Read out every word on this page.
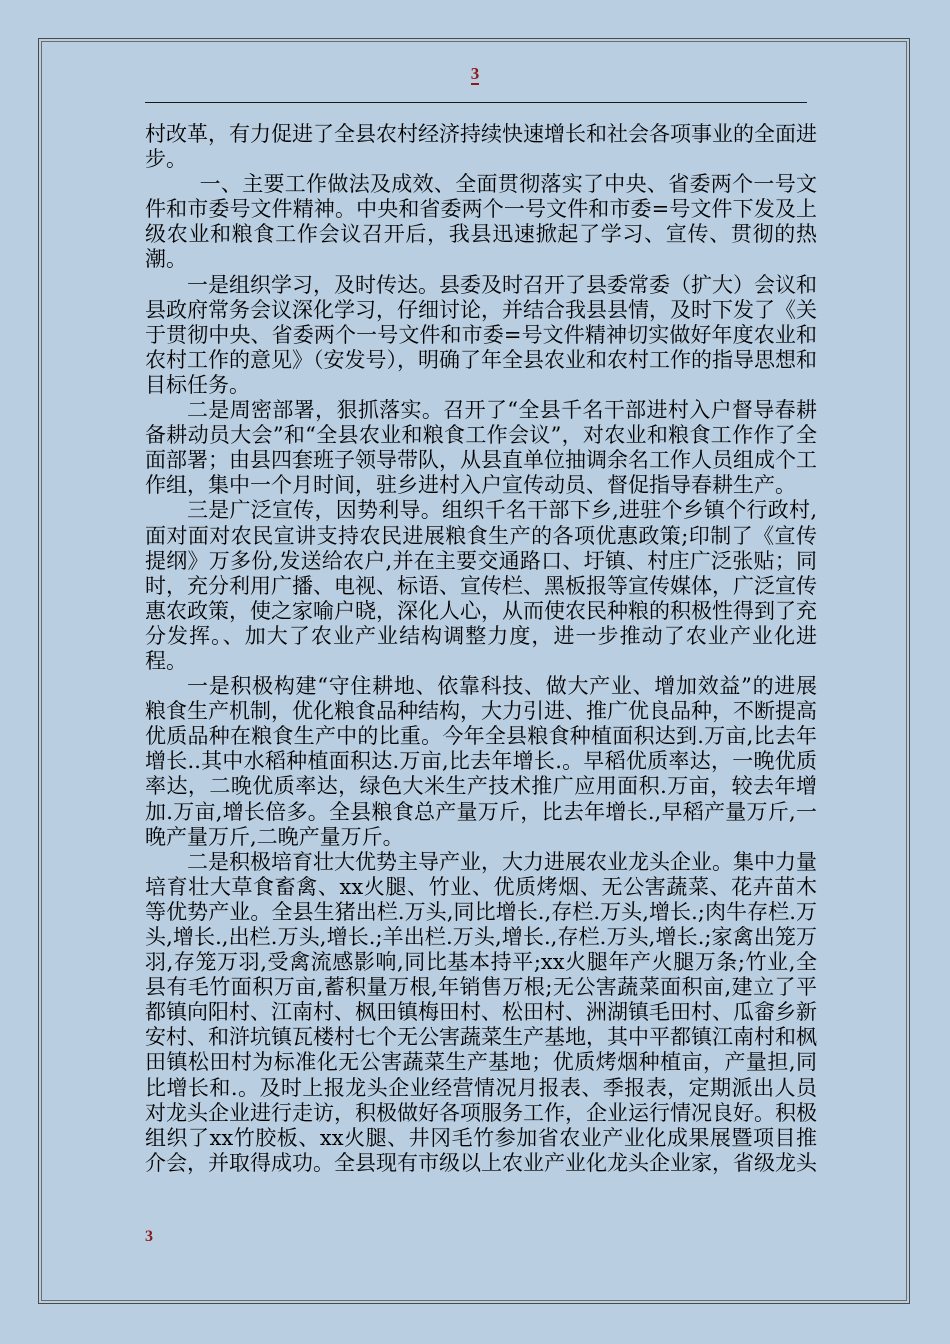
3

村改革，有力促进了全县农村经济持续快速增长和社会各项事业的全面进步。

一、主要工作做法及成效、全面贯彻落实了中央、省委两个一号文件和市委号文件精神。中央和省委两个一号文件和市委=号文件下发及上级农业和粮食工作会议召开后，我县迅速掀起了学习、宣传、贯彻的热潮。

一是组织学习，及时传达。县委及时召开了县委常委（扩大）会议和县政府常务会议深化学习，仔细讨论，并结合我县县情，及时下发了《关于贯彻中央、省委两个一号文件和市委=号文件精神切实做好年度农业和农村工作的意见》（安发号），明确了年全县农业和农村工作的指导思想和目标任务。

二是周密部署，狠抓落实。召开了“全县千名干部进村入户督导春耕备耕动员大会”和“全县农业和粮食工作会议”，对农业和粮食工作作了全面部署；由县四套班子领导带队，从县直单位抽调余名工作人员组成个工作组，集中一个月时间，驻乡进村入户宣传动员、督促指导春耕生产。

三是广泛宣传，因势利导。组织千名干部下乡,进驻个乡镇个行政村,面对面对农民宣讲支持农民进展粮食生产的各项优惠政策;印制了《宣传提纲》万多份,发送给农户,并在主要交通路口、圩镇、村庄广泛张贴；同时，充分利用广播、电视、标语、宣传栏、黑板报等宣传媒体，广泛宣传惠农政策，使之家喻户晓，深化人心，从而使农民种粮的积极性得到了充分发挥。、加大了农业产业结构调整力度，进一步推动了农业产业化进程。

一是积极构建“守住耕地、依靠科技、做大产业、增加效益”的进展粮食生产机制，优化粮食品种结构，大力引进、推广优良品种，不断提高优质品种在粮食生产中的比重。今年全县粮食种植面积达到.万亩,比去年增长..其中水稻种植面积达.万亩,比去年增长.。早稻优质率达，一晚优质率达，二晚优质率达，绿色大米生产技术推广应用面积.万亩，较去年增加.万亩,增长倍多。全县粮食总产量万斤，比去年增长.,早稻产量万斤,一晚产量万斤,二晚产量万斤。

二是积极培育壮大优势主导产业，大力进展农业龙头企业。集中力量培育壮大草食畜禽、xx火腿、竹业、优质烤烟、无公害蔬菜、花卉苗木等优势产业。全县生猪出栏.万头,同比增长.,存栏.万头,增长.;肉牛存栏.万头,增长.,出栏.万头,增长.;羊出栏.万头,增长.,存栏.万头,增长.;家禽出笼万羽,存笼万羽,受禽流感影响,同比基本持平;xx火腿年产火腿万条;竹业,全县有毛竹面积万亩,蓄积量万根,年销售万根;无公害蔬菜面积亩,建立了平都镇向阳村、江南村、枫田镇梅田村、松田村、洲湖镇毛田村、瓜畲乡新安村、和浒坑镇瓦楼村七个无公害蔬菜生产基地，其中平都镇江南村和枫田镇松田村为标准化无公害蔬菜生产基地；优质烤烟种植亩，产量担,同比增长和.。及时上报龙头企业经营情况月报表、季报表，定期派出人员对龙头企业进行走访，积极做好各项服务工作，企业运行情况良好。积极组织了xx竹胶板、xx火腿、井冈毛竹参加省农业产业化成果展暨项目推介会，并取得成功。全县现有市级以上农业产业化龙头企业家，省级龙头

3
